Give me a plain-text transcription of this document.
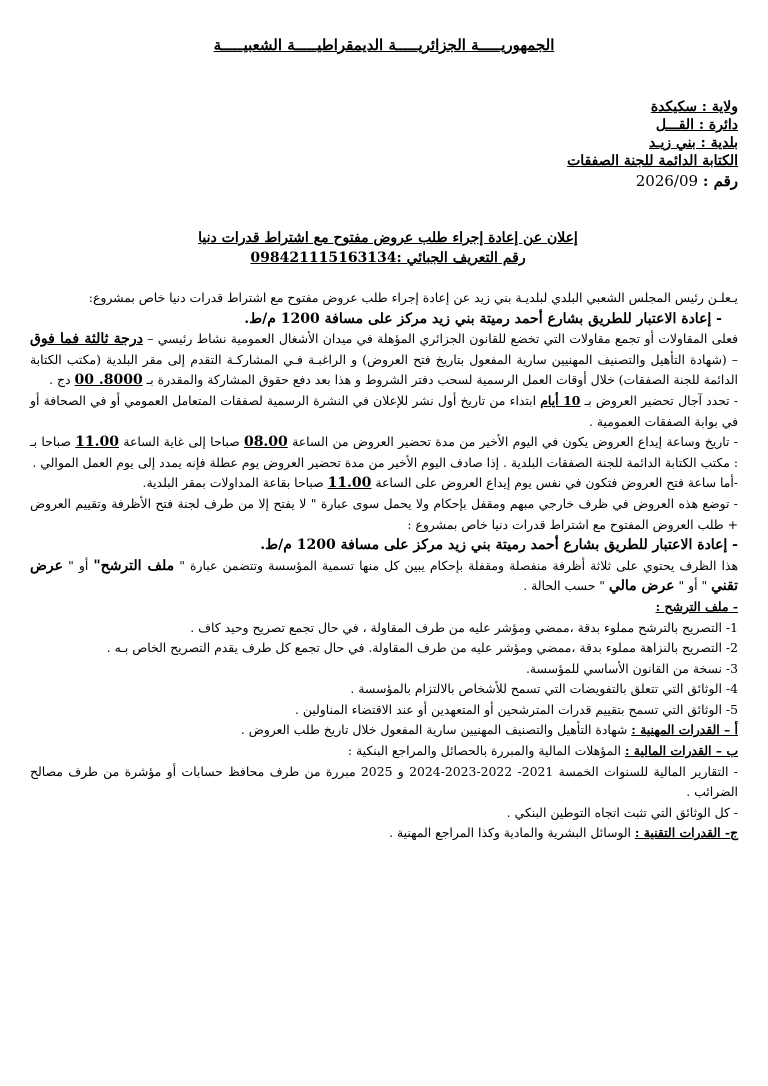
الجمهوريـــــة الجزائريـــــة الديمقراطيـــــة الشعبيـــــة
ولاية : سكيكدة
دائرة : القـــل
بلدية : بني زيـد
الكتابة الدائمة للجنة الصفقات
رقم : 2026/09
إعلان عن إعادة إجراء طلب عروض مفتوح مع اشتراط قدرات دنيا
رقم التعريف الجبائي :098421115163134

يـعلـن رئيس المجلس الشعبي البلدي لبلديـة بني زيد عن إعادة إجراء طلب عروض مفتوح مع اشتراط قدرات دنيا خاص بمشروع:

- إعادة الاعتبار للطريق بشارع أحمد رميتة بني زيد مركز على مسافة 1200 م/ط.

فعلى المقاولات أو تجمع مقاولات التي تخضع للقانون الجزائري المؤهلة في ميدان الأشغال العمومية نشاط رئيسي – درجة ثالثة فما فوق – (شهادة التأهيل والتصنيف المهنيين سارية المفعول بتاريخ فتح العروض) و الراغبـة فـي المشاركـة التقدم إلى مقر البلدية (مكتب الكتابة الدائمة للجنة الصفقات) خلال أوقات العمل الرسمية لسحب دفتر الشروط و هذا بعد دفع حقوق المشاركة والمقدرة بـ 8000. 00 دج .

- تحدد آجال تحضير العروض بـ 10 أيام ابتداء من تاريخ أول نشر للإعلان في النشرة الرسمية لصفقات المتعامل العمومي أو في الصحافة أو في بوابة الصفقات العمومية .

- تاريخ وساعة إيداع العروض يكون في اليوم الأخير من مدة تحضير العروض من الساعة 08.00 صباحا إلى غاية الساعة 11.00 صباحا بـ : مكتب الكتابة الدائمة للجنة الصفقات البلدية . إذا صادف اليوم الأخير من مدة تحضير العروض يوم عطلة فإنه يمدد إلى يوم العمل الموالي .

-أما ساعة فتح العروض فتكون في نفس يوم إيداع العروض على الساعة 11.00 صباحا بقاعة المداولات بمقر البلدية.

- توضع هذه العروض في ظرف خارجي مبهم ومقفل بإحكام ولا يحمل سوى عبارة " لا يفتح إلا من طرف لجنة فتح الأظرفة وتقييم العروض + طلب العروض المفتوح مع اشتراط قدرات دنيا خاص بمشروع :

- إعادة الاعتبار للطريق بشارع أحمد رميتة بني زيد مركز على مسافة 1200 م/ط.

هذا الظرف يحتوي على ثلاثة أظرفة منفصلة ومقفلة بإحكام يبين كل منها تسمية المؤسسة وتتضمن عبارة " ملف الترشح" أو " عرض تقني " أو " عرض مالي " حسب الحالة .

- ملف الترشح :

1- التصريح بالترشح مملوء بدقة ،ممضي ومؤشر عليه من طرف المقاولة ، في حال تجمع تصريح وحيد كاف .

2- التصريح بالنزاهة مملوء بدقة ،ممضي ومؤشر عليه من طرف المقاولة. في حال تجمع كل طرف يقدم التصريح الخاص بـه .

3- نسخة من القانون الأساسي للمؤسسة.

4- الوثائق التي تتعلق بالتفويضات التي تسمح للأشخاص بالالتزام بالمؤسسة .

5- الوثائق التي تسمح بتقييم قدرات المترشحين أو المتعهدين أو عند الاقتضاء المناولين .

أ – القدرات المهنية : شهادة التأهيل والتصنيف المهنيين سارية المفعول خلال تاريخ طلب العروض .

ب – القدرات المالية : المؤهلات المالية والمبررة بالحصائل والمراجع البنكية :

- التقارير المالية للسنوات الخمسة 2021- 2022-2023-2024 و 2025 مبررة من طرف محافظ حسابات أو مؤشرة من طرف مصالح الضرائب .

- كل الوثائق التي تثبت اتجاه التوطين البنكي .

ج- القدرات التقنية : الوسائل البشرية والمادية وكذا المراجع المهنية .
